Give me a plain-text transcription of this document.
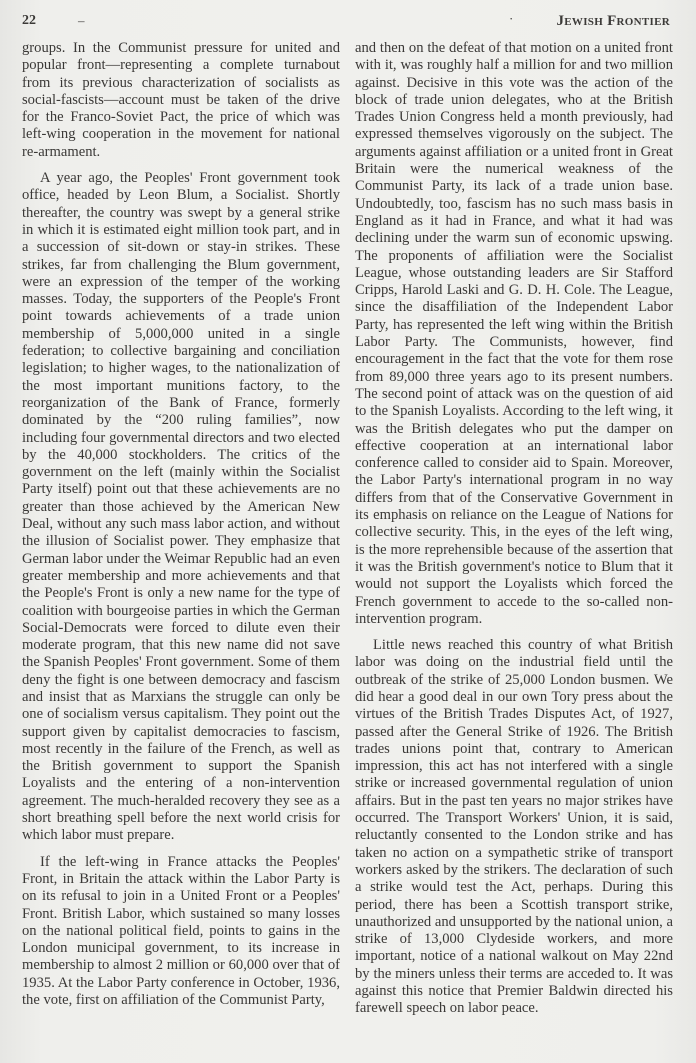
22	–	·	Jewish Frontier

groups. In the Communist pressure for united and popular front—representing a complete turnabout from its previous characterization of socialists as social-fascists—account must be taken of the drive for the Franco-Soviet Pact, the price of which was left-wing cooperation in the movement for national re-armament.

A year ago, the Peoples' Front government took office, headed by Leon Blum, a Socialist. Shortly thereafter, the country was swept by a general strike in which it is estimated eight million took part, and in a succession of sit-down or stay-in strikes. These strikes, far from challenging the Blum government, were an expression of the temper of the working masses. Today, the supporters of the People's Front point towards achievements of a trade union membership of 5,000,000 united in a single federation; to collective bargaining and conciliation legislation; to higher wages, to the nationalization of the most important munitions factory, to the reorganization of the Bank of France, formerly dominated by the “200 ruling families”, now including four governmental directors and two elected by the 40,000 stockholders. The critics of the government on the left (mainly within the Socialist Party itself) point out that these achievements are no greater than those achieved by the American New Deal, without any such mass labor action, and without the illusion of Socialist power. They emphasize that German labor under the Weimar Republic had an even greater membership and more achievements and that the People's Front is only a new name for the type of coalition with bourgeoise parties in which the German Social-Democrats were forced to dilute even their moderate program, that this new name did not save the Spanish Peoples' Front government. Some of them deny the fight is one between democracy and fascism and insist that as Marxians the struggle can only be one of socialism versus capitalism. They point out the support given by capitalist democracies to fascism, most recently in the failure of the French, as well as the British government to support the Spanish Loyalists and the entering of a non-intervention agreement. The much-heralded recovery they see as a short breathing spell before the next world crisis for which labor must prepare.

If the left-wing in France attacks the Peoples' Front, in Britain the attack within the Labor Party is on its refusal to join in a United Front or a Peoples' Front. British Labor, which sustained so many losses on the national political field, points to gains in the London municipal government, to its increase in membership to almost 2 million or 60,000 over that of 1935. At the Labor Party conference in October, 1936, the vote, first on affiliation of the Communist Party,

and then on the defeat of that motion on a united front with it, was roughly half a million for and two million against. Decisive in this vote was the action of the block of trade union delegates, who at the British Trades Union Congress held a month previously, had expressed themselves vigorously on the subject. The arguments against affiliation or a united front in Great Britain were the numerical weakness of the Communist Party, its lack of a trade union base. Undoubtedly, too, fascism has no such mass basis in England as it had in France, and what it had was declining under the warm sun of economic upswing. The proponents of affiliation were the Socialist League, whose outstanding leaders are Sir Stafford Cripps, Harold Laski and G. D. H. Cole. The League, since the disaffiliation of the Independent Labor Party, has represented the left wing within the British Labor Party. The Communists, however, find encouragement in the fact that the vote for them rose from 89,000 three years ago to its present numbers. The second point of attack was on the question of aid to the Spanish Loyalists. According to the left wing, it was the British delegates who put the damper on effective cooperation at an international labor conference called to consider aid to Spain. Moreover, the Labor Party's international program in no way differs from that of the Conservative Government in its emphasis on reliance on the League of Nations for collective security. This, in the eyes of the left wing, is the more reprehensible because of the assertion that it was the British government's notice to Blum that it would not support the Loyalists which forced the French government to accede to the so-called non-intervention program.

Little news reached this country of what British labor was doing on the industrial field until the outbreak of the strike of 25,000 London busmen. We did hear a good deal in our own Tory press about the virtues of the British Trades Disputes Act, of 1927, passed after the General Strike of 1926. The British trades unions point that, contrary to American impression, this act has not interfered with a single strike or increased governmental regulation of union affairs. But in the past ten years no major strikes have occurred. The Transport Workers' Union, it is said, reluctantly consented to the London strike and has taken no action on a sympathetic strike of transport workers asked by the strikers. The declaration of such a strike would test the Act, perhaps. During this period, there has been a Scottish transport strike, unauthorized and unsupported by the national union, a strike of 13,000 Clydeside workers, and more important, notice of a national walkout on May 22nd by the miners unless their terms are acceded to. It was against this notice that Premier Baldwin directed his farewell speech on labor peace.
